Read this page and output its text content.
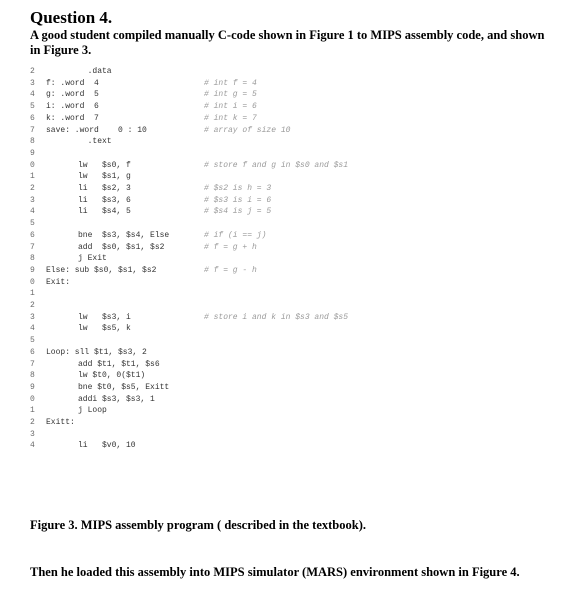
Question 4.
A good student compiled manually C-code shown in Figure 1 to MIPS assembly code, and shown in Figure 3.
2	.data
3 f: .word  4	# int f = 4
4 g: .word  5	# int g = 5
5 i: .word  6	# int i = 6
6 k: .word  7	# int k = 7
7 save: .word    0 : 10	# array of size 10
8	.text
9
0	lw   $s0, f	# store f and g in $s0 and $s1
1	lw   $s1, g
2	li   $s2, 3	# $s2 is h = 3
3	li   $s3, 6	# $s3 is i = 6
4	li   $s4, 5	# $s4 is j = 5
5
6	bne  $s3, $s4, Else	# if (i == j)
7	add  $s0, $s1, $s2	# f = g + h
8	j Exit
9 Else: sub $s0, $s1, $s2	# f = g - h
0 Exit:
1
2
3	lw   $s3, i	# store i and k in $s3 and $s5
4	lw   $s5, k
5
6 Loop: sll $t1, $s3, 2
7	add $t1, $t1, $s6
8	lw $t0, 0($t1)
9	bne $t0, $s5, Exitt
0	addi $s3, $s3, 1
1	j Loop
2 Exitt:
3
4	li   $v0, 10
Figure 3. MIPS assembly program ( described in the textbook).
Then he loaded this assembly into MIPS simulator (MARS) environment shown in Figure 4.
